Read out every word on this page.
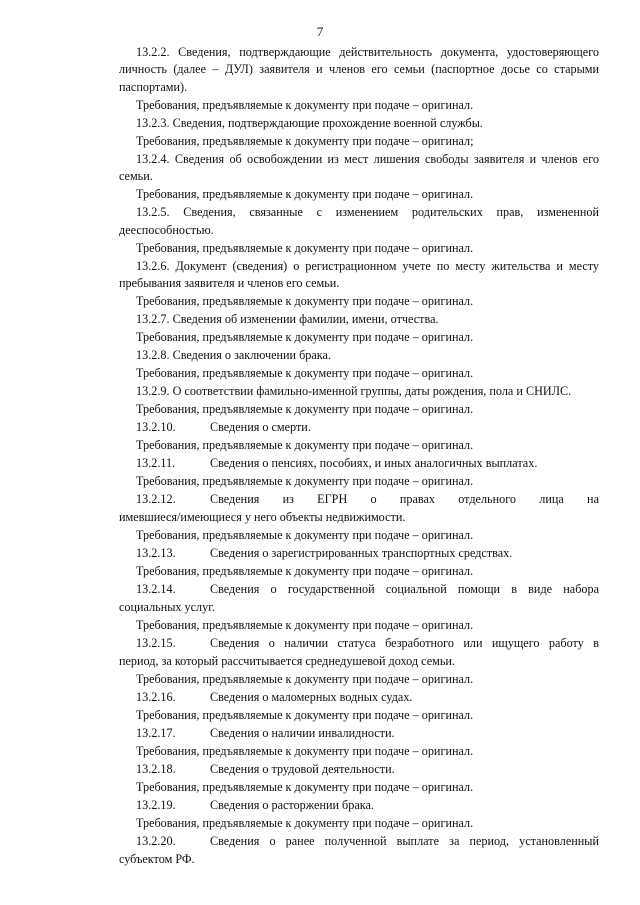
7
13.2.2. Сведения, подтверждающие действительность документа, удостоверяющего личность (далее – ДУЛ) заявителя и членов его семьи (паспортное досье со старыми паспортами).
Требования, предъявляемые к документу при подаче – оригинал.
13.2.3. Сведения, подтверждающие прохождение военной службы.
Требования, предъявляемые к документу при подаче – оригинал;
13.2.4. Сведения об освобождении из мест лишения свободы заявителя и членов его семьи.
Требования, предъявляемые к документу при подаче – оригинал.
13.2.5. Сведения, связанные с изменением родительских прав, измененной дееспособностью.
Требования, предъявляемые к документу при подаче – оригинал.
13.2.6. Документ (сведения) о регистрационном учете по месту жительства и месту пребывания заявителя и членов его семьи.
Требования, предъявляемые к документу при подаче – оригинал.
13.2.7. Сведения об изменении фамилии, имени, отчества.
Требования, предъявляемые к документу при подаче – оригинал.
13.2.8. Сведения о заключении брака.
Требования, предъявляемые к документу при подаче – оригинал.
13.2.9. О соответствии фамильно-именной группы, даты рождения, пола и СНИЛС.
Требования, предъявляемые к документу при подаче – оригинал.
13.2.10.	Сведения о смерти.
Требования, предъявляемые к документу при подаче – оригинал.
13.2.11.	Сведения о пенсиях, пособиях, и иных аналогичных выплатах.
Требования, предъявляемые к документу при подаче – оригинал.
13.2.12.	Сведения из ЕГРН о правах отдельного лица на
имевшиеся/имеющиеся у него объекты недвижимости.
Требования, предъявляемые к документу при подаче – оригинал.
13.2.13.	Сведения о зарегистрированных транспортных средствах.
Требования, предъявляемые к документу при подаче – оригинал.
13.2.14.	Сведения о государственной социальной помощи в виде набора
социальных услуг.
Требования, предъявляемые к документу при подаче – оригинал.
13.2.15.	Сведения о наличии статуса безработного или ищущего работу в
период, за который рассчитывается среднедушевой доход семьи.
Требования, предъявляемые к документу при подаче – оригинал.
13.2.16.	Сведения о маломерных водных судах.
Требования, предъявляемые к документу при подаче – оригинал.
13.2.17.	Сведения о наличии инвалидности.
Требования, предъявляемые к документу при подаче – оригинал.
13.2.18.	Сведения о трудовой деятельности.
Требования, предъявляемые к документу при подаче – оригинал.
13.2.19.	Сведения о расторжении брака.
Требования, предъявляемые к документу при подаче – оригинал.
13.2.20.	Сведения о ранее полученной выплате за период, установленный
субъектом РФ.
